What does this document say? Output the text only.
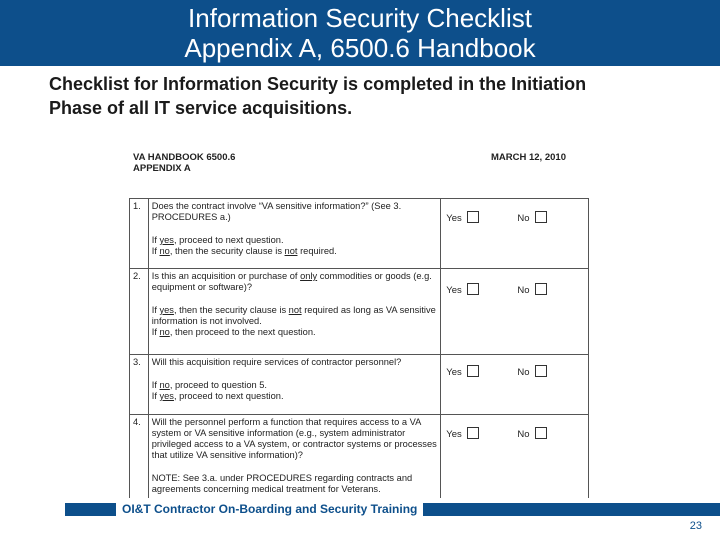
Information Security Checklist
Appendix A, 6500.6 Handbook
Checklist for Information Security is completed in the Initiation
Phase of all IT service acquisitions.
VA HANDBOOK 6500.6
APPENDIX A
MARCH 12, 2010
1.	Does the contract involve “VA sensitive information?” (See 3. PROCEDURES a.)

If yes, proceed to next question.
If no, then the security clause is not required.	Yes No

2.	Is this an acquisition or purchase of only commodities or goods (e.g. equipment or software)?

If yes, then the security clause is not required as long as VA sensitive information is not involved.
If no, then proceed to the next question.	Yes No

3.	Will this acquisition require services of contractor personnel?

If no, proceed to question 5.
If yes, proceed to next question.	Yes No

4.	Will the personnel perform a function that requires access to a VA system or VA sensitive information (e.g., system administrator privileged access to a VA system, or contractor systems or processes that utilize VA sensitive information)?

NOTE: See 3.a. under PROCEDURES regarding contracts and agreements concerning medical treatment for Veterans.	Yes No
OI&T Contractor On-Boarding and Security Training
23
